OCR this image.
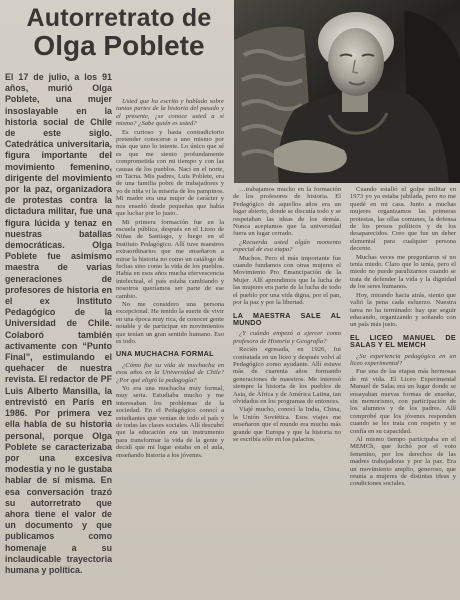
Autorretrato de
Olga Poblete
El 17 de julio, a los 91 años, murió Olga Poblete, una mujer insoslayable en la historia social de Chile de este siglo. Catedrática universitaria, figura importante del movimiento femenino, dirigente del movimiento por la paz, organizadora de protestas contra la dictadura militar, fue una figura lúcida y tenaz en nuestras batallas democráticas. Olga Poblete fue asimismo maestra de varias generaciones de profesores de historia en el ex Instituto Pedagógico de la Universidad de Chile. Colaboró también activamente con “Punto Final”, estimulando el quehacer de nuestra revista. El redactor de PF Luis Alberto Mansilla, la entrevistó en París en 1986. Por primera vez ella habla de su historia personal, porque Olga Poblete se caracterizaba por una excesiva modestia y no le gustaba hablar de sí misma. En esa conversación trazó su autorretrato que ahora tiene el valor de un documento y que publicamos como homenaje a su inclaudicable trayectoria humana y política.

Usted que ha escrito y hablado sobre tantas partes de la historia del pasado y el presente, ¿se conoce usted a sí misma? ¿Sabe quién es usted?

Es curioso y hasta contradictorio pretender conocerse a uno mismo por más que uno lo intente. Lo único que sé es que me siento profundamente comprometida con mi tiempo y con las causas de los pueblos. Nací en el norte, en Tacna. Mis padres, Luis Poblete, era de una familia pobre de trabajadores y yo de niña vi la miseria de los pampinos. Mi madre era una mujer de carácter y nos enseñó desde pequeñas que había que luchar por lo justo.

Mi primera formación fue en la escuela pública, después en el Liceo de Niñas de Santiago, y luego en el Instituto Pedagógico. Allí tuve maestros extraordinarios que me enseñaron a mirar la historia no como un catálogo de fechas sino como la vida de los pueblos. Había en esos años mucha efervescencia intelectual, el país estaba cambiando y nosotros queríamos ser parte de ese cambio.

No me considero una persona excepcional. He tenido la suerte de vivir en una época muy rica, de conocer gente notable y de participar en movimientos que tenían un gran sentido humano. Eso es todo.

UNA MUCHACHA FORMAL

¿Cómo fue su vida de muchacha en esos años en la Universidad de Chile? ¿Por qué eligió la pedagogía?

Yo era una muchacha muy formal, muy seria. Estudiaba mucho y me interesaban los problemas de la sociedad. En el Pedagógico conocí a estudiantes que venían de todo el país y de todas las clases sociales. Allí descubrí que la educación era un instrumento para transformar la vida de la gente y decidí que mi lugar estaba en el aula, enseñando historia a los jóvenes.

…trabajamos mucho en la formación de los profesores de historia. El Pedagógico de aquellos años era un lugar abierto, donde se discutía todo y se respetaban las ideas de los demás. Nunca aceptamos que la universidad fuera un lugar cerrado.

¿Recuerda usted algún momento especial de esa etapa?

Muchos. Pero el más importante fue cuando fundamos con otras mujeres el Movimiento Pro Emancipación de la Mujer. Allí aprendimos que la lucha de las mujeres era parte de la lucha de todo el pueblo por una vida digna, por el pan, por la paz y por la libertad.

LA MAESTRA SALE AL MUNDO

¿Y cuándo empezó a ejercer como profesora de Historia y Geografía?

Recién egresada, en 1926, fui contratada en un liceo y después volví al Pedagógico como ayudante. Allí estuve más de cuarenta años formando generaciones de maestros. Me interesó siempre la historia de los pueblos de Asia, de África y de América Latina, tan olvidados en los programas de entonces.

Viajé mucho, conocí la India, China, la Unión Soviética. Esos viajes me enseñaron que el mundo era mucho más grande que Europa y que la historia no se escribía sólo en los palacios.

Cuando estalló el golpe militar en 1973 yo ya estaba jubilada, pero no me quedé en mi casa. Junto a muchas mujeres organizamos las primeras protestas, las ollas comunes, la defensa de los presos políticos y de los desaparecidos. Creo que fue un deber elemental para cualquier persona decente.

Muchas veces me preguntaron si no tenía miedo. Claro que lo tenía, pero el miedo no puede paralizarnos cuando se trata de defender la vida y la dignidad de los seres humanos.

Hoy, mirando hacia atrás, siento que valió la pena cada esfuerzo. Nuestra tarea no ha terminado: hay que seguir educando, organizando y soñando con un país más justo.

EL LICEO MANUEL DE SALAS Y EL MEMCH

¿Su experiencia pedagógica en un liceo experimental?

Fue una de las etapas más hermosas de mi vida. El Liceo Experimental Manuel de Salas era un lugar donde se ensayaban nuevas formas de enseñar, sin memorismo, con participación de los alumnos y de los padres. Allí comprobé que los jóvenes responden cuando se les trata con respeto y se confía en su capacidad.

Al mismo tiempo participaba en el MEMCh, que luchó por el voto femenino, por los derechos de las madres trabajadoras y por la paz. Era un movimiento amplio, generoso, que reunía a mujeres de distintas ideas y condiciones sociales.
